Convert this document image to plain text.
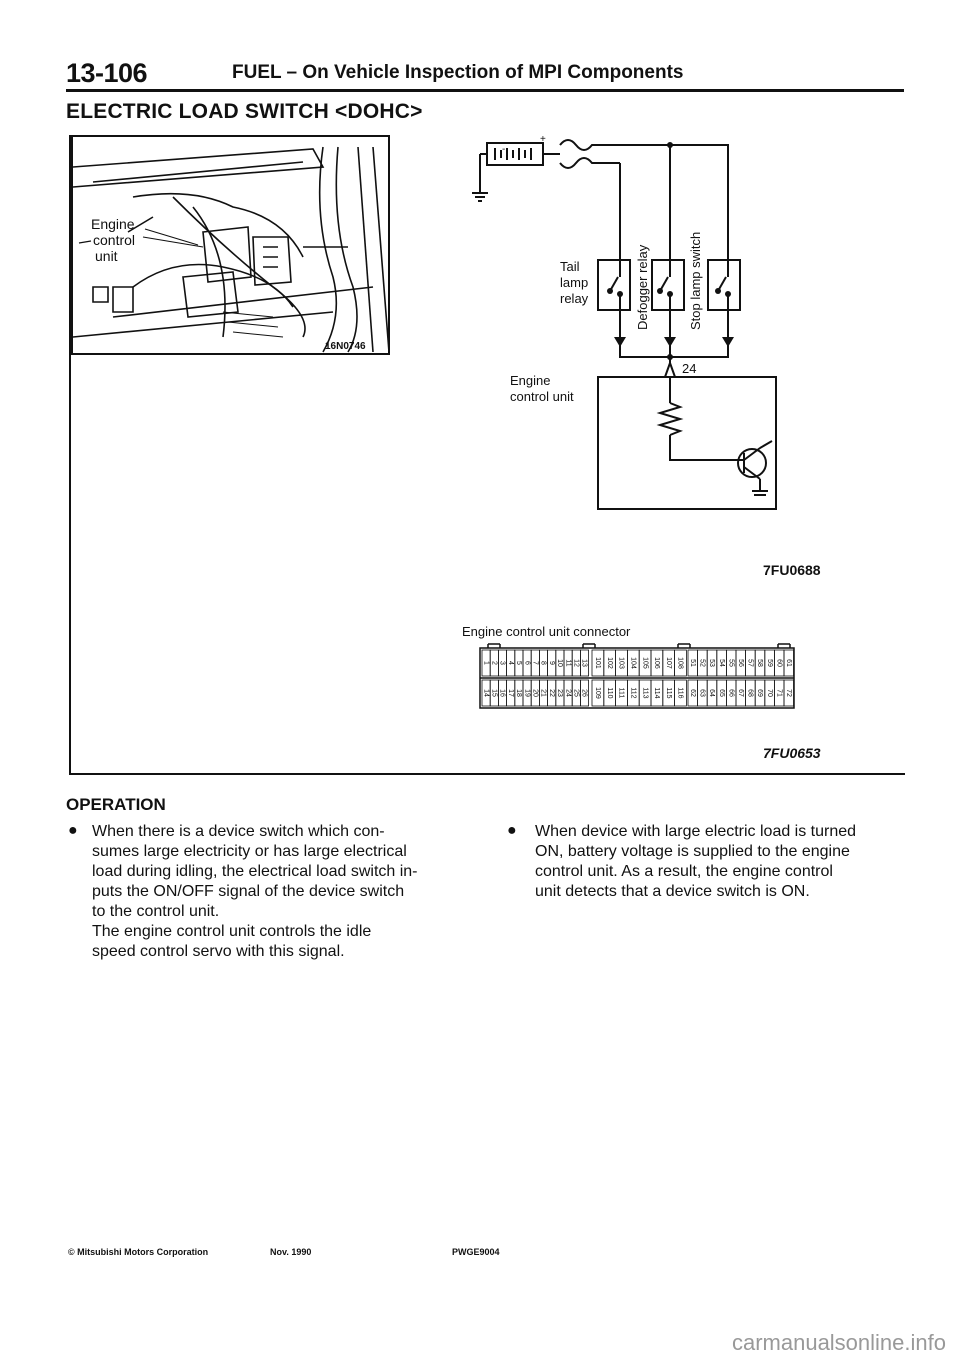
13-106	FUEL – On Vehicle Inspection of MPI Components
ELECTRIC LOAD SWITCH <DOHC>
Engine
control
unit
16N0746
-
+
Tail
lamp
relay	Defogger relay	Stop lamp switch
Engine
control unit
24
7FU0688
Engine control unit connector
1 2 3 4 5 6 7 8 9 10 11 12 13
14 15 16 17 18 19 20 21 22 23 24 25 26
101 102 103 104 105 106 107 108
109 110 111 112 113 114 115 116
51 52 53 54 55 56 57 58 59 60 61
62 63 64 65 66 67 68 69 70 71 72
7FU0653
OPERATION
● When there is a device switch which con-
sumes large electricity or has large electrical
load during idling, the electrical load switch in-
puts the ON/OFF signal of the device switch
to the control unit.
The engine control unit controls the idle
speed control servo with this signal.
● When device with large electric load is turned
ON, battery voltage is supplied to the engine
control unit. As a result, the engine control
unit detects that a device switch is ON.
© Mitsubishi Motors Corporation	Nov. 1990	PWGE9004
carmanualsonline.info
